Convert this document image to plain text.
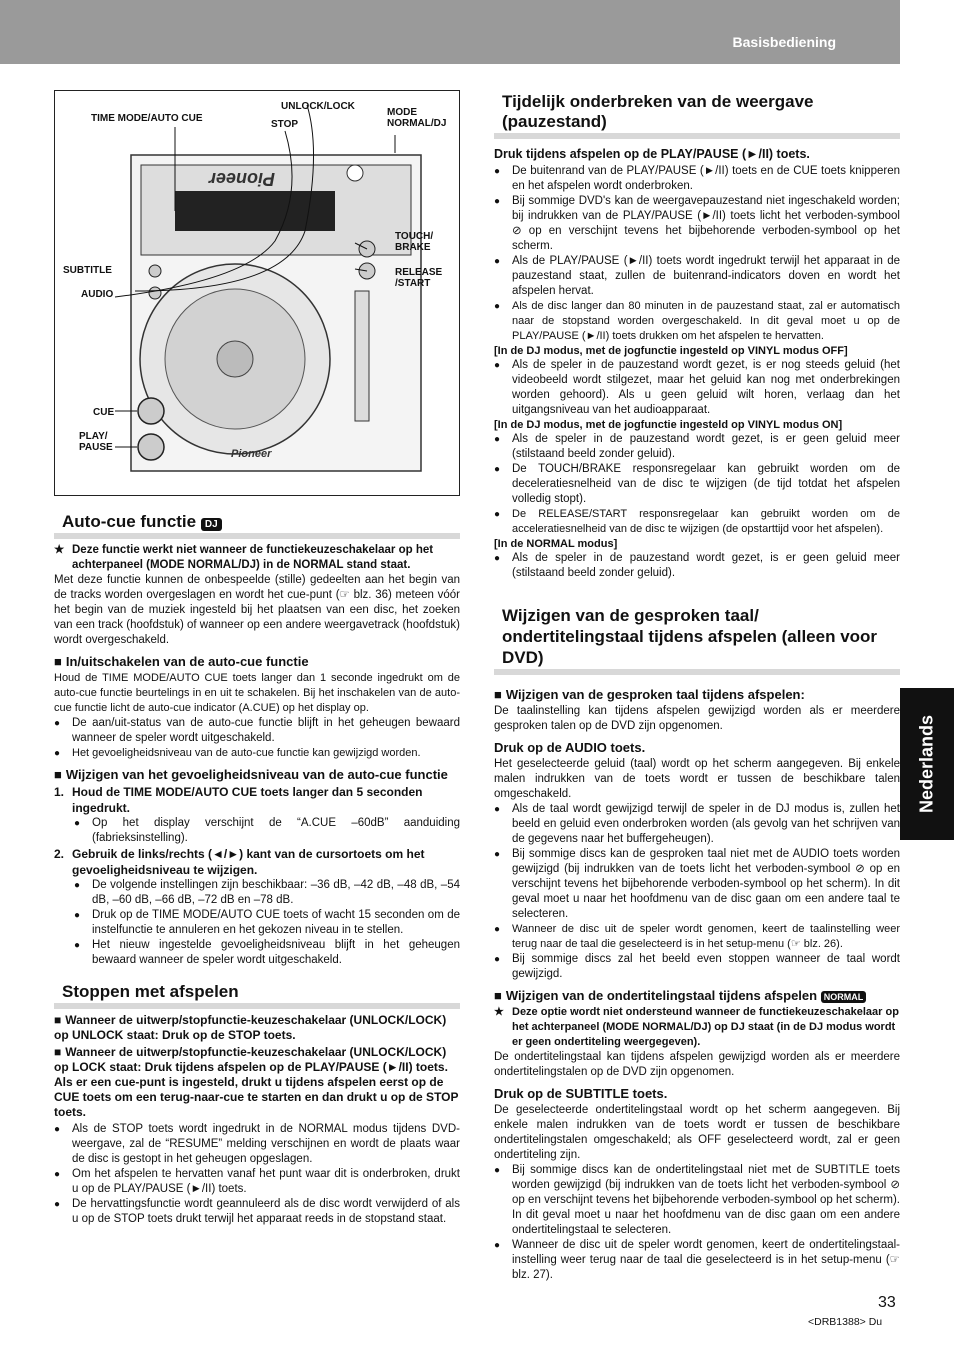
Basisbediening
Nederlands
Pioneer
Pioneer
TIME MODE/AUTO CUE
UNLOCK/LOCK
STOP
MODE NORMAL/DJ
TOUCH/ BRAKE
RELEASE /START
SUBTITLE
AUDIO
CUE
PLAY/ PAUSE
Auto-cue functie DJ
★ Deze functie werkt niet wanneer de functiekeuzeschakelaar op het achterpaneel (MODE NORMAL/DJ) in de NORMAL stand staat.

Met deze functie kunnen de onbespeelde (stille) gedeelten aan het begin van de tracks worden overgeslagen en wordt het cue-punt (☞ blz. 36) meteen vóór het begin van de muziek ingesteld bij het plaatsen van een disc, het zoeken van een track (hoofdstuk) of wanneer op een andere weergavetrack (hoofdstuk) wordt overgeschakeld.

■ In/uitschakelen van de auto-cue functie

Houd de TIME MODE/AUTO CUE toets langer dan 1 seconde ingedrukt om de auto-cue functie beurtelings in en uit te schakelen. Bij het inschakelen van de auto-cue functie licht de auto-cue indicator (A.CUE) op het display op.

● De aan/uit-status van de auto-cue functie blijft in het geheugen bewaard wanneer de speler wordt uitgeschakeld.
● Het gevoeligheidsniveau van de auto-cue functie kan gewijzigd worden.
■ Wijzigen van het gevoeligheidsniveau van de auto-cue functie
1. Houd de TIME MODE/AUTO CUE toets langer dan 5 seconden ingedrukt.
● Op het display verschijnt de “A.CUE –60dB” aanduiding (fabrieksinstelling).
2. Gebruik de links/rechts (◄/►) kant van de cursortoets om het gevoeligheidsniveau te wijzigen.
● De volgende instellingen zijn beschikbaar: –36 dB, –42 dB, –48 dB, –54 dB, –60 dB, –66 dB, –72 dB en –78 dB.
● Druk op de TIME MODE/AUTO CUE toets of wacht 15 seconden om de instelfunctie te annuleren en het gekozen niveau in te stellen.
● Het nieuw ingestelde gevoeligheidsniveau blijft in het geheugen bewaard wanneer de speler wordt uitgeschakeld.
Stoppen met afspelen
■ Wanneer de uitwerp/stopfunctie-keuzeschakelaar (UNLOCK/LOCK) op UNLOCK staat: Druk op de STOP toets.
■ Wanneer de uitwerp/stopfunctie-keuzeschakelaar (UNLOCK/LOCK) op LOCK staat: Druk tijdens afspelen op de PLAY/PAUSE (►/II) toets. Als er een cue-punt is ingesteld, drukt u tijdens afspelen eerst op de CUE toets om een terug-naar-cue te starten en dan drukt u op de STOP toets.
● Als de STOP toets wordt ingedrukt in de NORMAL modus tijdens DVD-weergave, zal de “RESUME” melding verschijnen en wordt de plaats waar de disc is gestopt in het geheugen opgeslagen.
● Om het afspelen te hervatten vanaf het punt waar dit is onderbroken, drukt u op de PLAY/PAUSE (►/II) toets.
● De hervattingsfunctie wordt geannuleerd als de disc wordt verwijderd of als u op de STOP toets drukt terwijl het apparaat reeds in de stopstand staat.
Tijdelijk onderbreken van de weergave (pauzestand)
Druk tijdens afspelen op de PLAY/PAUSE (►/II) toets.
● De buitenrand van de PLAY/PAUSE (►/II) toets en de CUE toets knipperen en het afspelen wordt onderbroken.
● Bij sommige DVD's kan de weergavepauzestand niet ingeschakeld worden; bij indrukken van de PLAY/PAUSE (►/II) toets licht het verboden-symbool ⊘ op en verschijnt tevens het bijbehorende verboden-symbool op het scherm.
● Als de PLAY/PAUSE (►/II) toets wordt ingedrukt terwijl het apparaat in de pauzestand staat, zullen de buitenrand-indicators doven en wordt het afspelen hervat.
● Als de disc langer dan 80 minuten in de pauzestand staat, zal er automatisch naar de stopstand worden overgeschakeld. In dit geval moet u op de PLAY/PAUSE (►/II) toets drukken om het afspelen te hervatten.
[In de DJ modus, met de jogfunctie ingesteld op VINYL modus OFF]
● Als de speler in de pauzestand wordt gezet, is er nog steeds geluid (het videobeeld wordt stilgezet, maar het geluid kan nog met onderbrekingen worden gehoord). Als u geen geluid wilt horen, verlaag dan het uitgangsniveau van het audioapparaat.
[In de DJ modus, met de jogfunctie ingesteld op VINYL modus ON]
● Als de speler in de pauzestand wordt gezet, is er geen geluid meer (stilstaand beeld zonder geluid).
● De TOUCH/BRAKE responsregelaar kan gebruikt worden om de deceleratiesnelheid van de disc te wijzigen (de tijd totdat het afspelen volledig stopt).
● De RELEASE/START responsregelaar kan gebruikt worden om de acceleratiesnelheid van de disc te wijzigen (de opstarttijd voor het afspelen).
[In de NORMAL modus]
● Als de speler in de pauzestand wordt gezet, is er geen geluid meer (stilstaand beeld zonder geluid).
Wijzigen van de gesproken taal/ ondertitelingstaal tijdens afspelen (alleen voor DVD)
■ Wijzigen van de gesproken taal tijdens afspelen:

De taalinstelling kan tijdens afspelen gewijzigd worden als er meerdere gesproken talen op de DVD zijn opgenomen.

Druk op de AUDIO toets.

Het geselecteerde geluid (taal) wordt op het scherm aangegeven. Bij enkele malen indrukken van de toets wordt er tussen de beschikbare talen omgeschakeld.

● Als de taal wordt gewijzigd terwijl de speler in de DJ modus is, zullen het beeld en geluid even onderbroken worden (als gevolg van het schrijven van de gegevens naar het buffergeheugen).
● Bij sommige discs kan de gesproken taal niet met de AUDIO toets worden gewijzigd (bij indrukken van de toets licht het verboden-symbool ⊘ op en verschijnt tevens het bijbehorende verboden-symbool op het scherm). In dit geval moet u naar het hoofdmenu van de disc gaan om een andere taal te selecteren.
● Wanneer de disc uit de speler wordt genomen, keert de taalinstelling weer terug naar de taal die geselecteerd is in het setup-menu (☞ blz. 26).
● Bij sommige discs zal het beeld even stoppen wanneer de taal wordt gewijzigd.
■ Wijzigen van de ondertitelingstaal tijdens afspelen NORMAL
★ Deze optie wordt niet ondersteund wanneer de functiekeuzeschakelaar op het achterpaneel (MODE NORMAL/DJ) op DJ staat (in de DJ modus wordt er geen ondertiteling weergegeven).

De ondertitelingstaal kan tijdens afspelen gewijzigd worden als er meerdere ondertitelingstalen op de DVD zijn opgenomen.

Druk op de SUBTITLE toets.

De geselecteerde ondertitelingstaal wordt op het scherm aangegeven. Bij enkele malen indrukken van de toets wordt er tussen de beschikbare ondertitelingstalen omgeschakeld; als OFF geselecteerd wordt, zal er geen ondertiteling zijn.

● Bij sommige discs kan de ondertitelingstaal niet met de SUBTITLE toets worden gewijzigd (bij indrukken van de toets licht het verboden-symbool ⊘ op en verschijnt tevens het bijbehorende verboden-symbool op het scherm). In dit geval moet u naar het hoofdmenu van de disc gaan om een andere ondertitelingstaal te selecteren.
● Wanneer de disc uit de speler wordt genomen, keert de ondertitelingstaal-instelling weer terug naar de taal die geselecteerd is in het setup-menu (☞ blz. 27).
33
<DRB1388> Du
